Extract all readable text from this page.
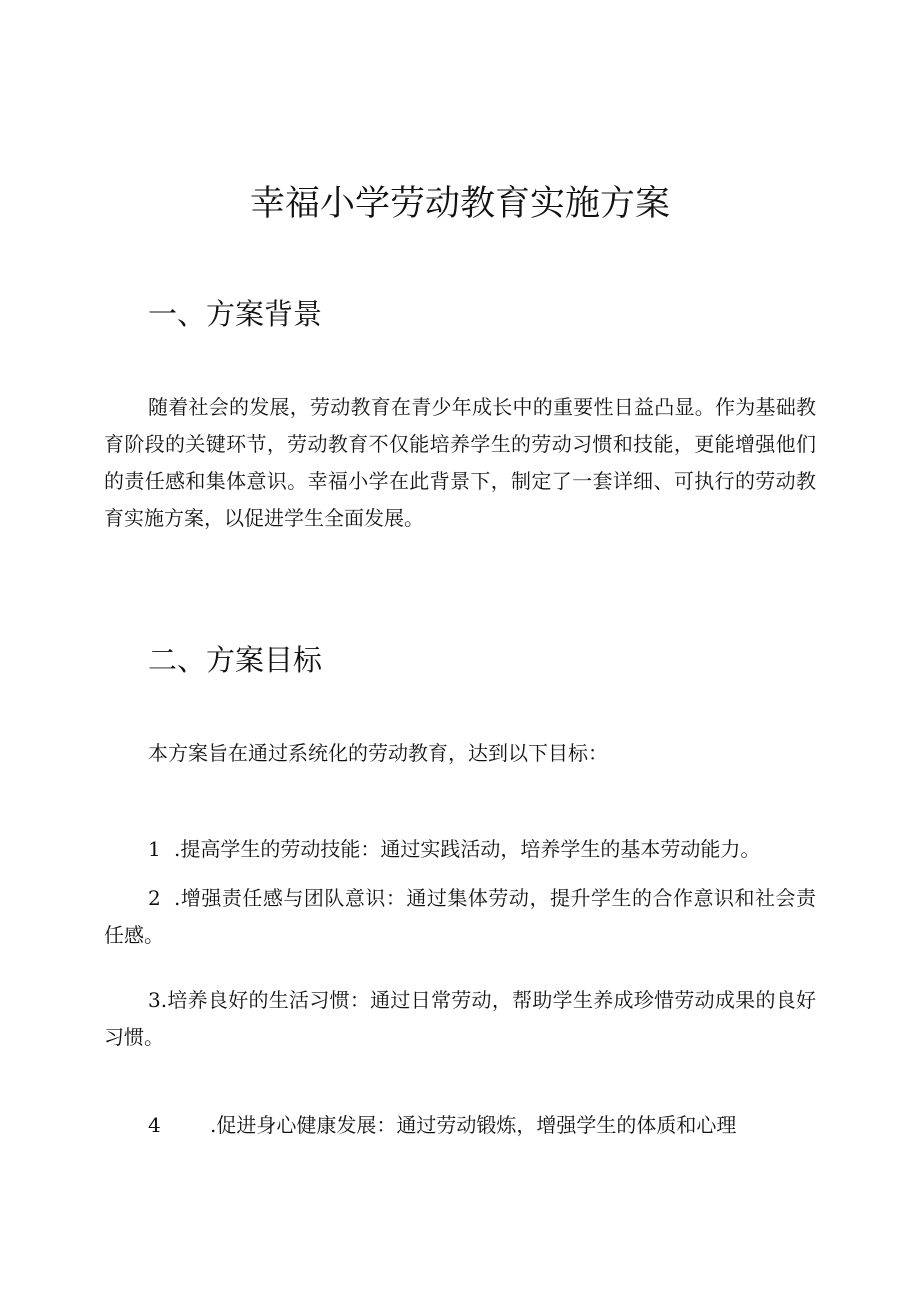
幸福小学劳动教育实施方案
一、方案背景

随着社会的发展，劳动教育在青少年成长中的重要性日益凸显。作为基础教育阶段的关键环节，劳动教育不仅能培养学生的劳动习惯和技能，更能增强他们的责任感和集体意识。幸福小学在此背景下，制定了一套详细、可执行的劳动教育实施方案，以促进学生全面发展。

二、方案目标

本方案旨在通过系统化的劳动教育，达到以下目标：

1 .提高学生的劳动技能：通过实践活动，培养学生的基本劳动能力。

2 .增强责任感与团队意识：通过集体劳动，提升学生的合作意识和社会责任感。

3.培养良好的生活习惯：通过日常劳动，帮助学生养成珍惜劳动成果的良好习惯。

4 .促进身心健康发展：通过劳动锻炼，增强学生的体质和心理
